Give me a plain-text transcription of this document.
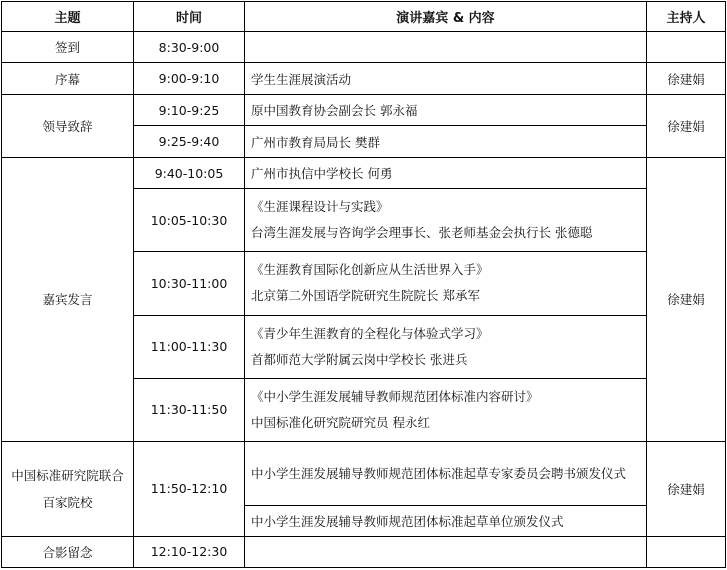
主题	时间	演讲嘉宾 & 内容	主持人
签到	8:30-9:00		
序幕	9:00-9:10	学生生涯展演活动	徐建娟
领导致辞	9:10-9:25	原中国教育协会副会长 郭永福	徐建娟
	9:25-9:40	广州市教育局局长 樊群	
嘉宾发言	9:40-10:05	广州市执信中学校长 何勇	徐建娟
	10:05-10:30	《生涯课程设计与实践》
台湾生涯发展与咨询学会理事长、张老师基金会执行长 张德聪	

	10:30-11:00	《生涯教育国际化创新应从生活世界入手》
北京第二外国语学院研究生院院长 郑承军	

	11:00-11:30	《青少年生涯教育的全程化与体验式学习》
首都师范大学附属云岗中学校长 张进兵	

	11:30-11:50	《中小学生涯发展辅导教师规范团体标准内容研讨》
中国标准化研究院研究员 程永红	

中国标准研究院联合百家院校	11:50-12:10	中小学生涯发展辅导教师规范团体标准起草专家委员会聘书颁发仪式	徐建娟
		中小学生涯发展辅导教师规范团体标准起草单位颁发仪式	
合影留念	12:10-12:30		
